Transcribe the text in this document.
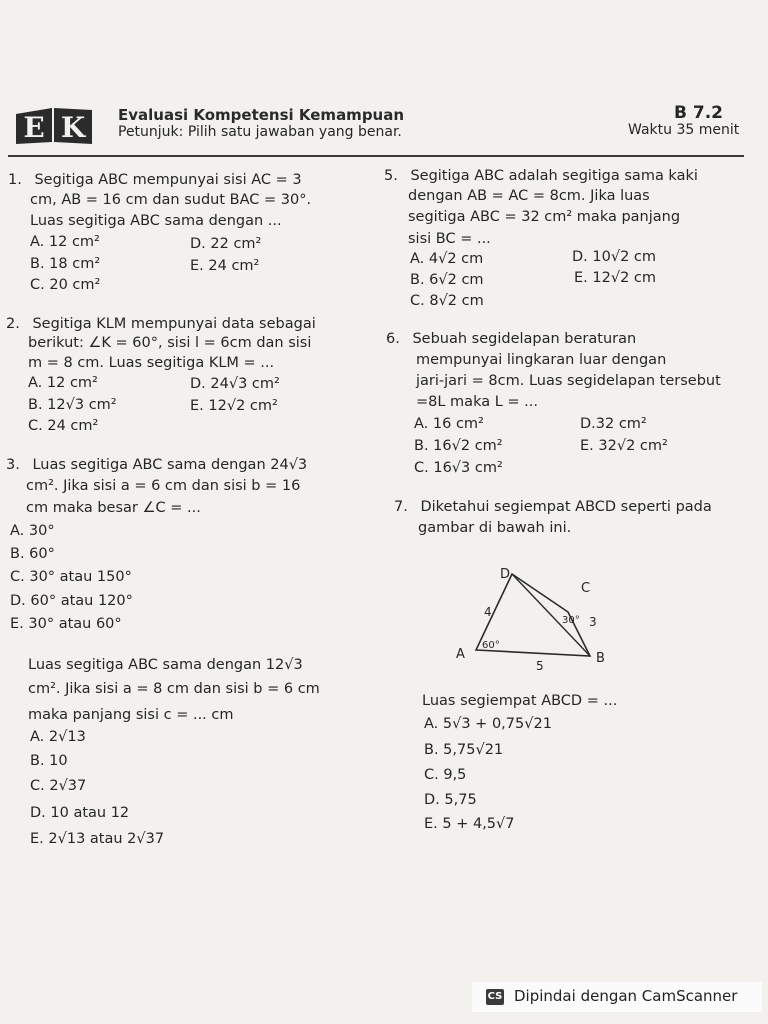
E K Evaluasi Kompetensi Kemampuan
Petunjuk: Pilih satu jawaban yang benar.
B 7.2
Waktu 35 menit
1. Segitiga ABC mempunyai sisi AC = 3
cm, AB = 16 cm dan sudut BAC = 30°.
Luas segitiga ABC sama dengan ...
A. 12 cm²	D. 22 cm²
B. 18 cm²	E. 24 cm²
C. 20 cm²
2. Segitiga KLM mempunyai data sebagai
berikut: ∠K = 60°, sisi l = 6cm dan sisi
m = 8 cm. Luas segitiga KLM = ...
A. 12 cm²	D. 24√3 cm²
B. 12√3 cm²	E. 12√2 cm²
C. 24 cm²
3. Luas segitiga ABC sama dengan 24√3
cm². Jika sisi a = 6 cm dan sisi b = 16
cm maka besar ∠C = ...
A. 30°
B. 60°
C. 30° atau 150°
D. 60° atau 120°
E. 30° atau 60°
Luas segitiga ABC sama dengan 12√3
cm². Jika sisi a = 8 cm dan sisi b = 6 cm
maka panjang sisi c = ... cm
A. 2√13
B. 10
C. 2√37
D. 10 atau 12
E. 2√13 atau 2√37
5. Segitiga ABC adalah segitiga sama kaki
dengan AB = AC = 8cm. Jika luas
segitiga ABC = 32 cm² maka panjang
sisi BC = ...
A. 4√2 cm	D. 10√2 cm
B. 6√2 cm	E. 12√2 cm
C. 8√2 cm
6. Sebuah segidelapan beraturan
mempunyai lingkaran luar dengan
jari-jari = 8cm. Luas segidelapan tersebut
=8L maka L = ...
A. 16 cm²	D.32 cm²
B. 16√2 cm²	E. 32√2 cm²
C. 16√3 cm²
7. Diketahui segiempat ABCD seperti pada
gambar di bawah ini.
D
C
A	B
4
5
3
60°
30°
Luas segiempat ABCD = ...
A. 5√3 + 0,75√21
B. 5,75√21
C. 9,5
D. 5,75
E. 5 + 4,5√7
CS Dipindai dengan CamScanner
